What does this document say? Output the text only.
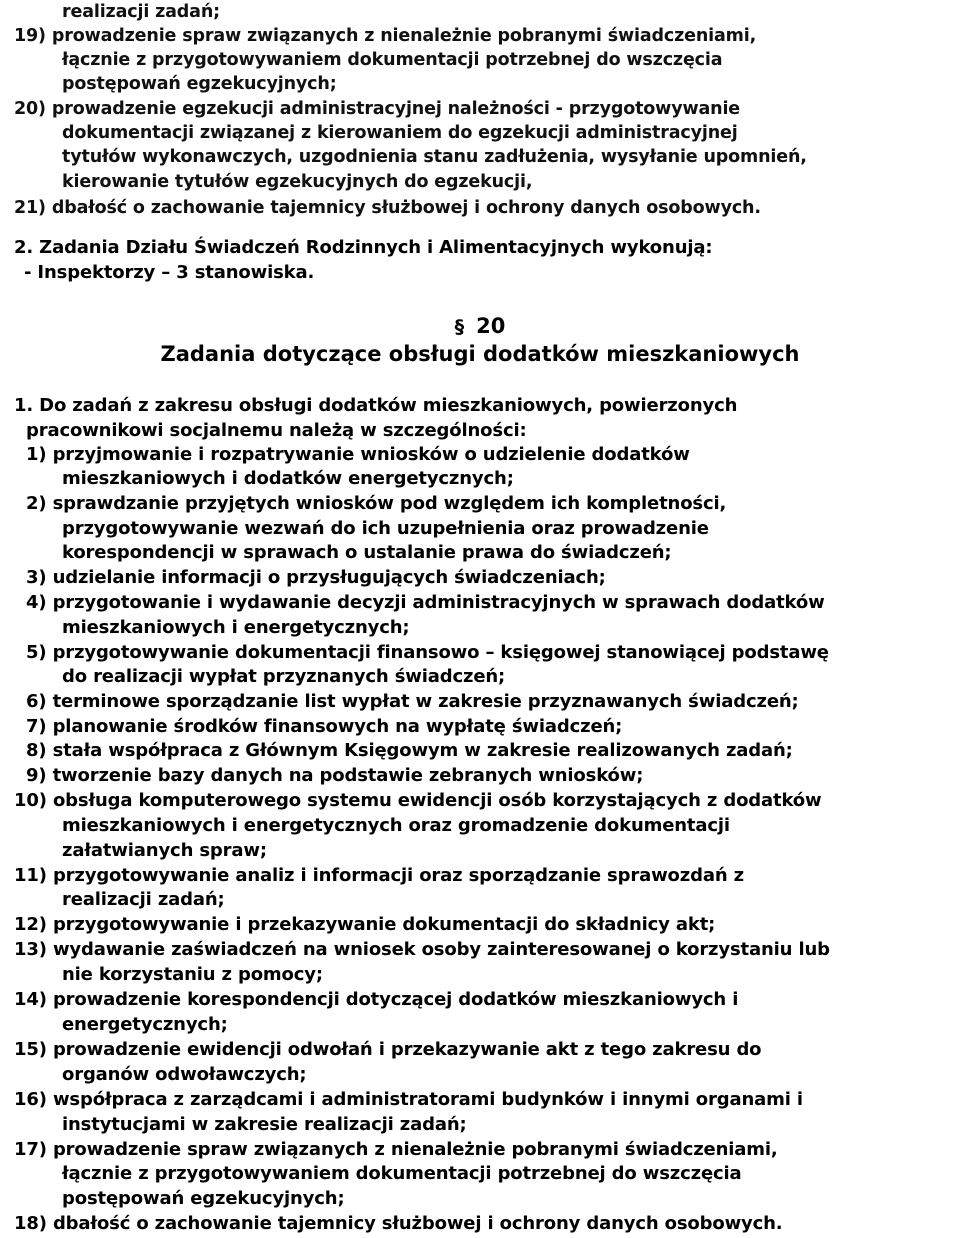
realizacji zadań;
19) prowadzenie spraw związanych z nienależnie pobranymi świadczeniami,
łącznie z przygotowywaniem dokumentacji potrzebnej do wszczęcia
postępowań egzekucyjnych;
20) prowadzenie egzekucji administracyjnej należności - przygotowywanie
dokumentacji związanej z kierowaniem do egzekucji administracyjnej
tytułów wykonawczych, uzgodnienia stanu zadłużenia, wysyłanie upomnień,
kierowanie tytułów egzekucyjnych do egzekucji,
21) dbałość o zachowanie tajemnicy służbowej i ochrony danych osobowych.
2. Zadania Działu Świadczeń Rodzinnych i Alimentacyjnych wykonują:
- Inspektorzy – 3 stanowiska.
§ 20
Zadania dotyczące obsługi dodatków mieszkaniowych
1. Do zadań z zakresu obsługi dodatków mieszkaniowych, powierzonych
pracownikowi socjalnemu należą w szczególności:
1) przyjmowanie i rozpatrywanie wniosków o udzielenie dodatków
mieszkaniowych i dodatków energetycznych;
2) sprawdzanie przyjętych wniosków pod względem ich kompletności,
przygotowywanie wezwań do ich uzupełnienia oraz prowadzenie
korespondencji w sprawach o ustalanie prawa do świadczeń;
3) udzielanie informacji o przysługujących świadczeniach;
4) przygotowanie i wydawanie decyzji administracyjnych w sprawach dodatków
mieszkaniowych i energetycznych;
5) przygotowywanie dokumentacji finansowo – księgowej stanowiącej podstawę
do realizacji wypłat przyznanych świadczeń;
6) terminowe sporządzanie list wypłat w zakresie przyznawanych świadczeń;
7) planowanie środków finansowych na wypłatę świadczeń;
8) stała współpraca z Głównym Księgowym w zakresie realizowanych zadań;
9) tworzenie bazy danych na podstawie zebranych wniosków;
10) obsługa komputerowego systemu ewidencji osób korzystających z dodatków
mieszkaniowych i energetycznych oraz gromadzenie dokumentacji
załatwianych spraw;
11) przygotowywanie analiz i informacji oraz sporządzanie sprawozdań z
realizacji zadań;
12) przygotowywanie i przekazywanie dokumentacji do składnicy akt;
13) wydawanie zaświadczeń na wniosek osoby zainteresowanej o korzystaniu lub
nie korzystaniu z pomocy;
14) prowadzenie korespondencji dotyczącej dodatków mieszkaniowych i
energetycznych;
15) prowadzenie ewidencji odwołań i przekazywanie akt z tego zakresu do
organów odwoławczych;
16) współpraca z zarządcami i administratorami budynków i innymi organami i
instytucjami w zakresie realizacji zadań;
17) prowadzenie spraw związanych z nienależnie pobranymi świadczeniami,
łącznie z przygotowywaniem dokumentacji potrzebnej do wszczęcia
postępowań egzekucyjnych;
18) dbałość o zachowanie tajemnicy służbowej i ochrony danych osobowych.
